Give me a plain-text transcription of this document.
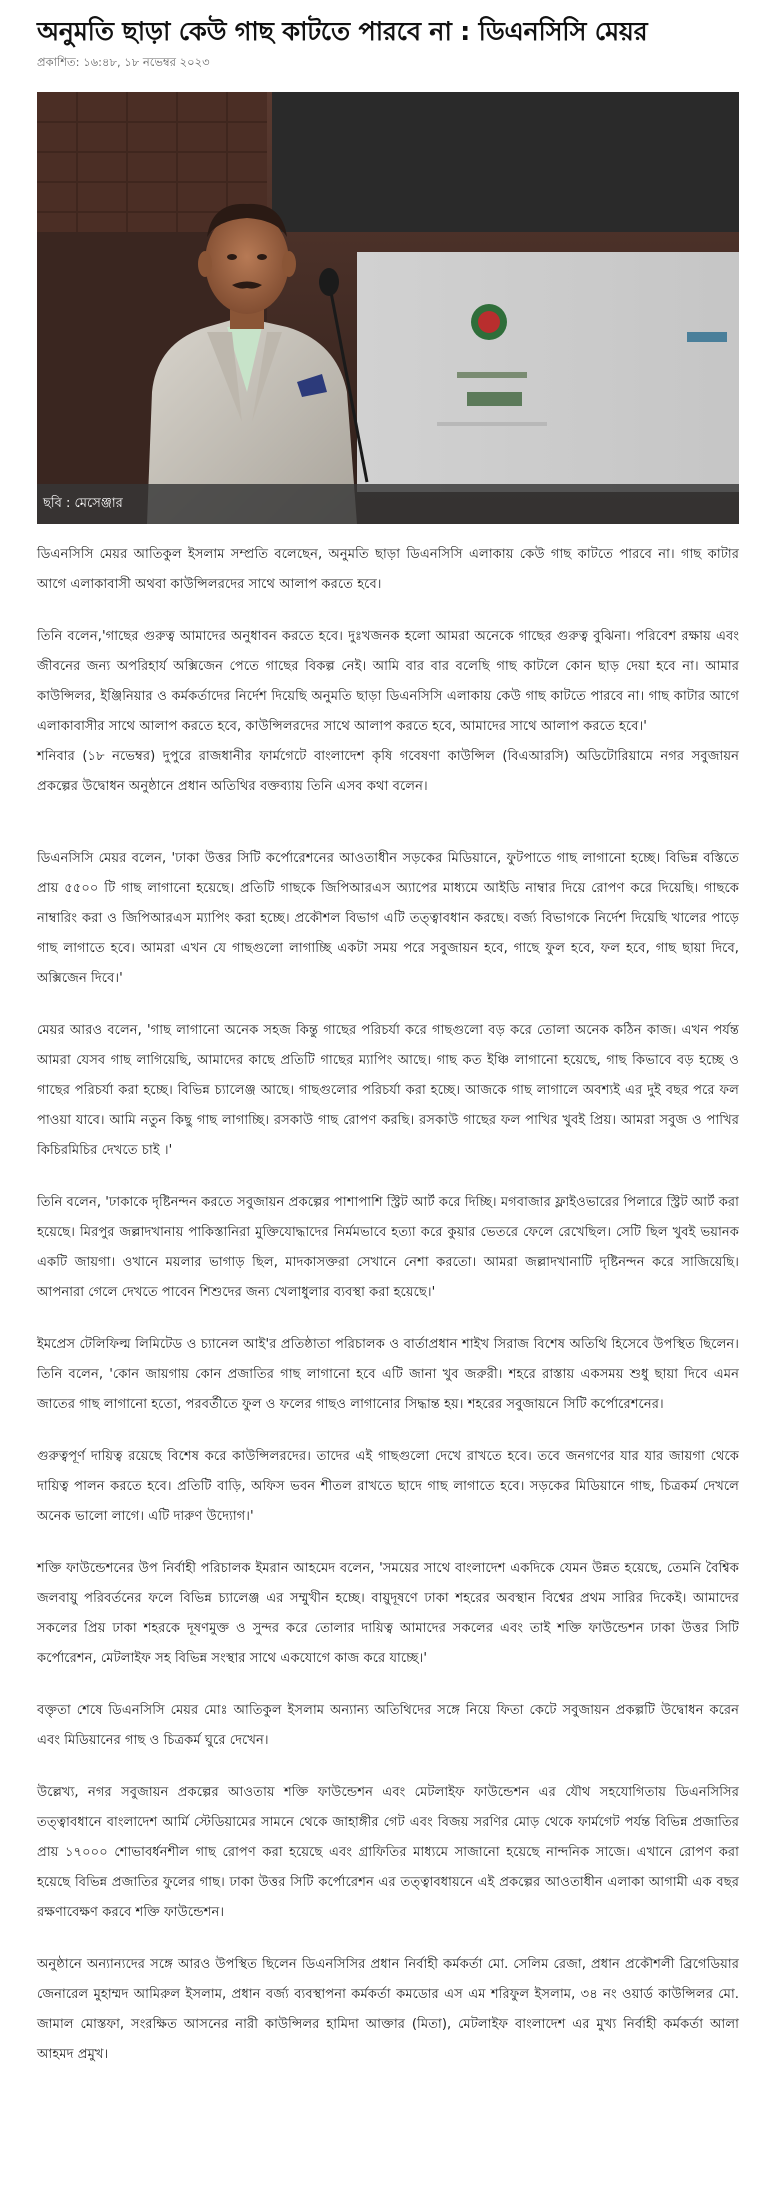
অনুমতি ছাড়া কেউ গাছ কাটতে পারবে না : ডিএনসিসি মেয়র
প্রকাশিত: ১৬:৪৮, ১৮ নভেম্বর ২০২৩
ছবি : মেসেঞ্জার

ডিএনসিসি মেয়র আতিকুল ইসলাম সম্প্রতি বলেছেন, অনুমতি ছাড়া ডিএনসিসি এলাকায় কেউ গাছ কাটতে পারবে না। গাছ কাটার আগে এলাকাবাসী অথবা কাউন্সিলরদের সাথে আলাপ করতে হবে।

তিনি বলেন,'গাছের গুরুত্ব আমাদের অনুধাবন করতে হবে। দুঃখজনক হলো আমরা অনেকে গাছের গুরুত্ব বুঝিনা। পরিবেশ রক্ষায় এবং জীবনের জন্য অপরিহার্য অক্সিজেন পেতে গাছের বিকল্প নেই। আমি বার বার বলেছি গাছ কাটলে কোন ছাড় দেয়া হবে না। আমার কাউন্সিলর, ইঞ্জিনিয়ার ও কর্মকর্তাদের নির্দেশ দিয়েছি অনুমতি ছাড়া ডিএনসিসি এলাকায় কেউ গাছ কাটতে পারবে না। গাছ কাটার আগে এলাকাবাসীর সাথে আলাপ করতে হবে, কাউন্সিলরদের সাথে আলাপ করতে হবে, আমাদের সাথে আলাপ করতে হবে।'

শনিবার (১৮ নভেম্বর) দুপুরে রাজধানীর ফার্মগেটে বাংলাদেশ কৃষি গবেষণা কাউন্সিল (বিএআরসি) অডিটোরিয়ামে নগর সবুজায়ন প্রকল্পের উদ্বোধন অনুষ্ঠানে প্রধান অতিথির বক্তব্যায় তিনি এসব কথা বলেন।

ডিএনসিসি মেয়র বলেন, 'ঢাকা উত্তর সিটি কর্পোরেশনের আওতাধীন সড়কের মিডিয়ানে, ফুটপাতে গাছ লাগানো হচ্ছে। বিভিন্ন বস্তিতে প্রায় ৫৫০০ টি গাছ লাগানো হয়েছে। প্রতিটি গাছকে জিপিআরএস অ্যাপের মাধ্যমে আইডি নাম্বার দিয়ে রোপণ করে দিয়েছি। গাছকে নাম্বারিং করা ও জিপিআরএস ম্যাপিং করা হচ্ছে। প্রকৌশল বিভাগ এটি তত্ত্বাবধান করছে। বর্জ্য বিভাগকে নির্দেশ দিয়েছি খালের পাড়ে গাছ লাগাতে হবে। আমরা এখন যে গাছগুলো লাগাচ্ছি একটা সময় পরে সবুজায়ন হবে, গাছে ফুল হবে, ফল হবে, গাছ ছায়া দিবে, অক্সিজেন দিবে।'

মেয়র আরও বলেন, 'গাছ লাগানো অনেক সহজ কিন্তু গাছের পরিচর্যা করে গাছগুলো বড় করে তোলা অনেক কঠিন কাজ। এখন পর্যন্ত আমরা যেসব গাছ লাগিয়েছি, আমাদের কাছে প্রতিটি গাছের ম্যাপিং আছে। গাছ কত ইঞ্চি লাগানো হয়েছে, গাছ কিভাবে বড় হচ্ছে ও গাছের পরিচর্যা করা হচ্ছে। বিভিন্ন চ্যালেঞ্জ আছে। গাছগুলোর পরিচর্যা করা হচ্ছে। আজকে গাছ লাগালে অবশ্যই এর দুই বছর পরে ফল পাওয়া যাবে। আমি নতুন কিছু গাছ লাগাচ্ছি। রসকাউ গাছ রোপণ করছি। রসকাউ গাছের ফল পাখির খুবই প্রিয়। আমরা সবুজ ও পাখির কিচিরমিচির দেখতে চাই ।'

তিনি বলেন, 'ঢাকাকে দৃষ্টিনন্দন করতে সবুজায়ন প্রকল্পের পাশাপাশি স্ট্রিট আর্ট করে দিচ্ছি। মগবাজার ফ্লাইওভারের পিলারে স্ট্রিট আর্ট করা হয়েছে। মিরপুর জল্লাদখানায় পাকিস্তানিরা মুক্তিযোদ্ধাদের নির্মমভাবে হত্যা করে কুয়ার ভেতরে ফেলে রেখেছিল। সেটি ছিল খুবই ভয়ানক একটি জায়গা। ওখানে ময়লার ভাগাড় ছিল, মাদকাসক্তরা সেখানে নেশা করতো। আমরা জল্লাদখানাটি দৃষ্টিনন্দন করে সাজিয়েছি। আপনারা গেলে দেখতে পাবেন শিশুদের জন্য খেলাধুলার ব্যবস্থা করা হয়েছে।'

ইমপ্রেস টেলিফিল্ম লিমিটেড ও চ্যানেল আই'র প্রতিষ্ঠাতা পরিচালক ও বার্তাপ্রধান শাইখ সিরাজ বিশেষ অতিথি হিসেবে উপস্থিত ছিলেন। তিনি বলেন, 'কোন জায়গায় কোন প্রজাতির গাছ লাগানো হবে এটি জানা খুব জরুরী। শহরে রাস্তায় একসময় শুধু ছায়া দিবে এমন জাতের গাছ লাগানো হতো, পরবর্তীতে ফুল ও ফলের গাছও লাগানোর সিদ্ধান্ত হয়। শহরের সবুজায়নে সিটি কর্পোরেশনের।

গুরুত্বপূর্ণ দায়িত্ব রয়েছে বিশেষ করে কাউন্সিলরদের। তাদের এই গাছগুলো দেখে রাখতে হবে। তবে জনগণের যার যার জায়গা থেকে দায়িত্ব পালন করতে হবে। প্রতিটি বাড়ি, অফিস ভবন শীতল রাখতে ছাদে গাছ লাগাতে হবে। সড়কের মিডিয়ানে গাছ, চিত্রকর্ম দেখলে অনেক ভালো লাগে। এটি দারুণ উদ্যোগ।'

শক্তি ফাউন্ডেশনের উপ নির্বাহী পরিচালক ইমরান আহমেদ বলেন, 'সময়ের সাথে বাংলাদেশ একদিকে যেমন উন্নত হয়েছে, তেমনি বৈশ্বিক জলবায়ু পরিবর্তনের ফলে বিভিন্ন চ্যালেঞ্জ এর সম্মুখীন হচ্ছে। বায়ুদূষণে ঢাকা শহরের অবস্থান বিশ্বের প্রথম সারির দিকেই। আমাদের সকলের প্রিয় ঢাকা শহরকে দূষণমুক্ত ও সুন্দর করে তোলার দায়িত্ব আমাদের সকলের এবং তাই শক্তি ফাউন্ডেশন ঢাকা উত্তর সিটি কর্পোরেশন, মেটলাইফ সহ বিভিন্ন সংস্থার সাথে একযোগে কাজ করে যাচ্ছে।'

বক্তৃতা শেষে ডিএনসিসি মেয়র মোঃ আতিকুল ইসলাম অন্যান্য অতিথিদের সঙ্গে নিয়ে ফিতা কেটে সবুজায়ন প্রকল্পটি উদ্বোধন করেন এবং মিডিয়ানের গাছ ও চিত্রকর্ম ঘুরে দেখেন।

উল্লেখ্য, নগর সবুজায়ন প্রকল্পের আওতায় শক্তি ফাউন্ডেশন এবং মেটলাইফ ফাউন্ডেশন এর যৌথ সহযোগিতায় ডিএনসিসির তত্ত্বাবধানে বাংলাদেশ আর্মি স্টেডিয়ামের সামনে থেকে জাহাঙ্গীর গেট এবং বিজয় সরণির মোড় থেকে ফার্মগেট পর্যন্ত বিভিন্ন প্রজাতির প্রায় ১৭০০০ শোভাবর্ধনশীল গাছ রোপণ করা হয়েছে এবং গ্রাফিতির মাধ্যমে সাজানো হয়েছে নান্দনিক সাজে। এখানে রোপণ করা হয়েছে বিভিন্ন প্রজাতির ফুলের গাছ। ঢাকা উত্তর সিটি কর্পোরেশন এর তত্ত্বাবধায়নে এই প্রকল্পের আওতাধীন এলাকা আগামী এক বছর রক্ষণাবেক্ষণ করবে শক্তি ফাউন্ডেশন।

অনুষ্ঠানে অন্যান্যদের সঙ্গে আরও উপস্থিত ছিলেন ডিএনসিসির প্রধান নির্বাহী কর্মকর্তা মো. সেলিম রেজা, প্রধান প্রকৌশলী ব্রিগেডিয়ার জেনারেল মুহাম্মদ আমিরুল ইসলাম, প্রধান বর্জ্য ব্যবস্থাপনা কর্মকর্তা কমডোর এস এম শরিফুল ইসলাম, ৩৪ নং ওয়ার্ড কাউন্সিলর মো. জামাল মোস্তফা, সংরক্ষিত আসনের নারী কাউন্সিলর হামিদা আক্তার (মিতা), মেটলাইফ বাংলাদেশ এর মুখ্য নির্বাহী কর্মকর্তা আলা আহমদ প্রমুখ।
